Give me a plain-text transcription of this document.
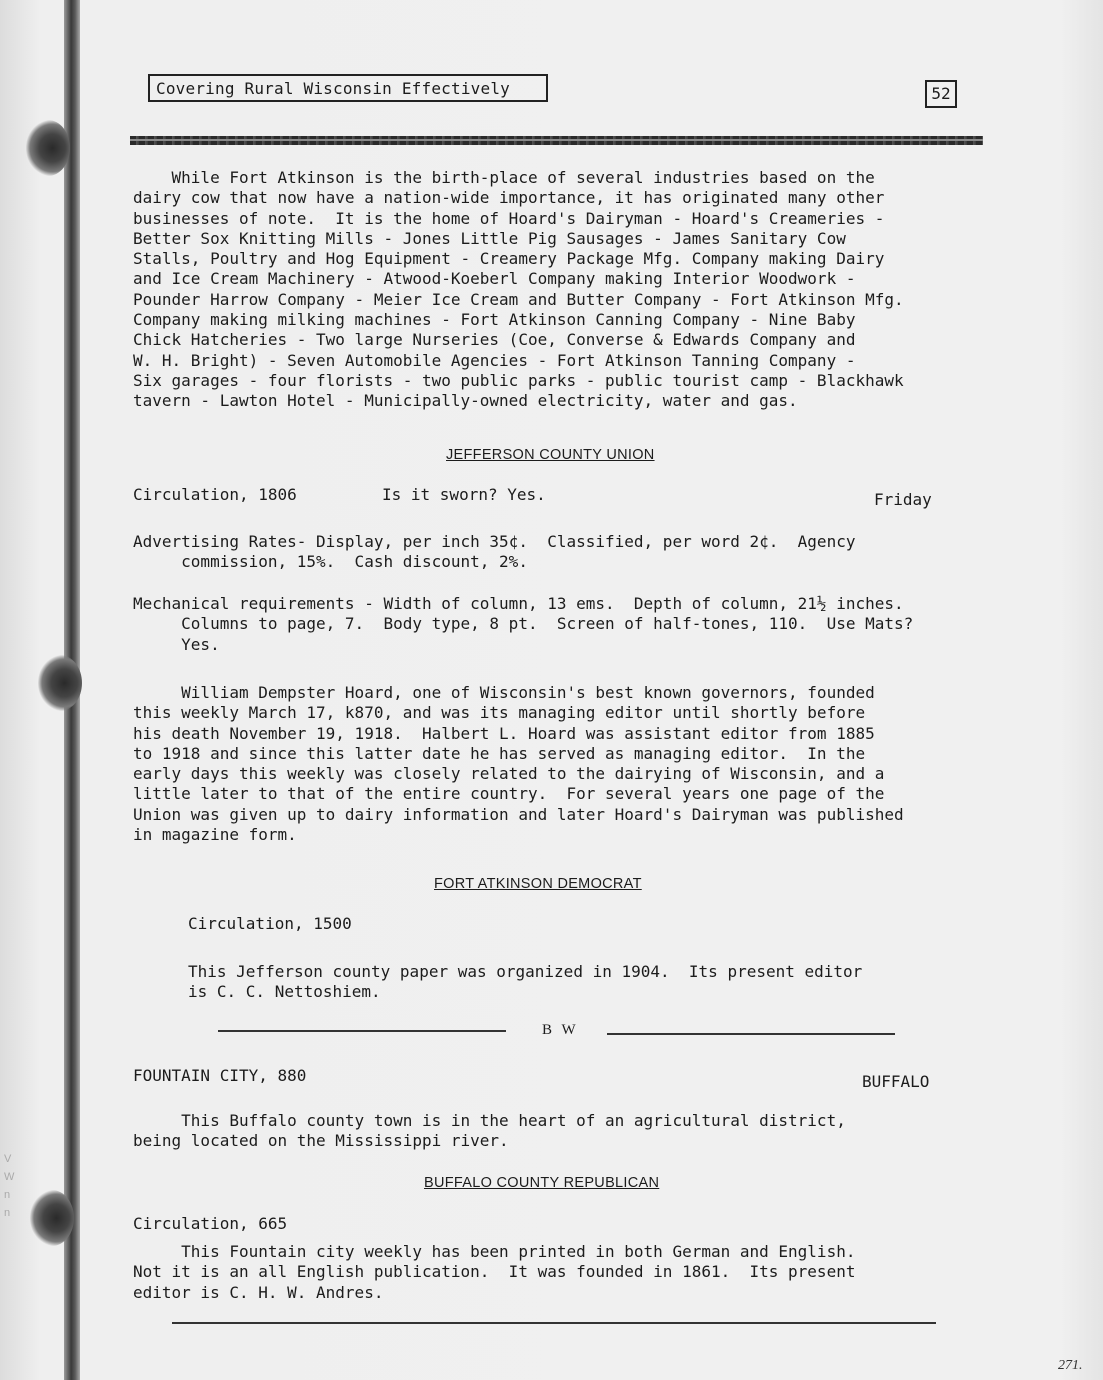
Covering Rural Wisconsin Effectively	52
While Fort Atkinson is the birth-place of several industries based on the
dairy cow that now have a nation-wide importance, it has originated many other
businesses of note.  It is the home of Hoard's Dairyman - Hoard's Creameries -
Better Sox Knitting Mills - Jones Little Pig Sausages - James Sanitary Cow
Stalls, Poultry and Hog Equipment - Creamery Package Mfg. Company making Dairy
and Ice Cream Machinery - Atwood-Koeberl Company making Interior Woodwork -
Pounder Harrow Company - Meier Ice Cream and Butter Company - Fort Atkinson Mfg.
Company making milking machines - Fort Atkinson Canning Company - Nine Baby
Chick Hatcheries - Two large Nurseries (Coe, Converse & Edwards Company and
W. H. Bright) - Seven Automobile Agencies - Fort Atkinson Tanning Company -
Six garages - four florists - two public parks - public tourist camp - Blackhawk
tavern - Lawton Hotel - Municipally-owned electricity, water and gas.
JEFFERSON COUNTY UNION
Circulation, 1806	Is it sworn? Yes.	Friday
Advertising Rates- Display, per inch 35¢.  Classified, per word 2¢.  Agency
commission, 15%.  Cash discount, 2%.
Mechanical requirements - Width of column, 13 ems.  Depth of column, 21½ inches.
Columns to page, 7.  Body type, 8 pt.  Screen of half-tones, 110.  Use Mats?
Yes.
William Dempster Hoard, one of Wisconsin's best known governors, founded
this weekly March 17, k870, and was its managing editor until shortly before
his death November 19, 1918.  Halbert L. Hoard was assistant editor from 1885
to 1918 and since this latter date he has served as managing editor.  In the
early days this weekly was closely related to the dairying of Wisconsin, and a
little later to that of the entire country.  For several years one page of the
Union was given up to dairy information and later Hoard's Dairyman was published
in magazine form.
FORT ATKINSON DEMOCRAT
Circulation, 1500
This Jefferson county paper was organized in 1904.  Its present editor
is C. C. Nettoshiem.
B W
FOUNTAIN CITY, 880	BUFFALO
This Buffalo county town is in the heart of an agricultural district,
being located on the Mississippi river.
BUFFALO COUNTY REPUBLICAN
Circulation, 665
This Fountain city weekly has been printed in both German and English.
Not it is an all English publication.  It was founded in 1861.  Its present
editor is C. H. W. Andres.
V
W
n
n
271.
